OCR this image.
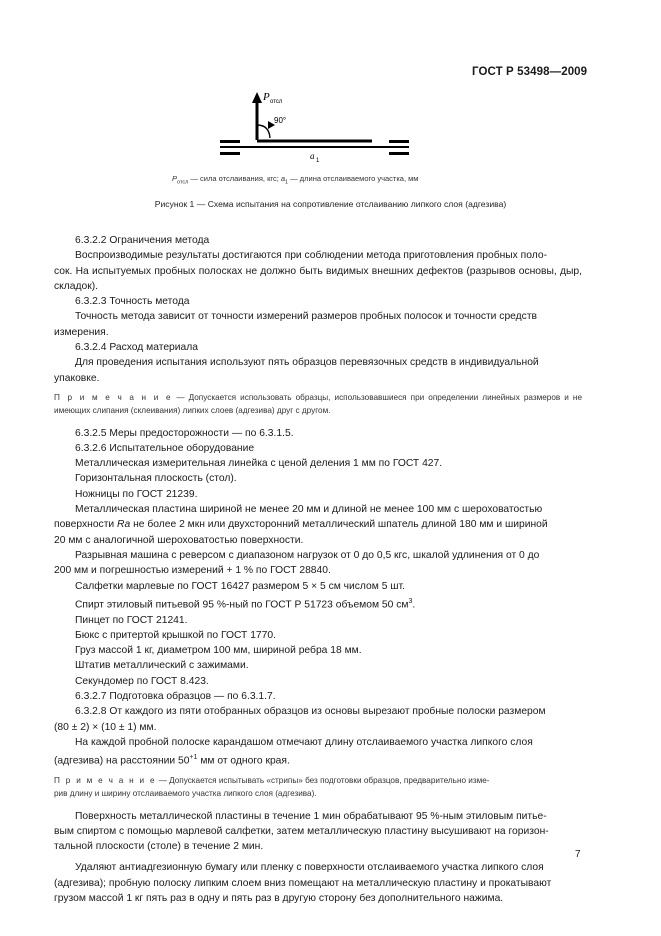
ГОСТ Р 53498—2009
P отсл
90°
a 1
$P_{отсл}$ — сила отслаивания, кгс; $a_1$ — длина отслаиваемого участка, мм
Рисунок 1 — Схема испытания на сопротивление отслаиванию липкого слоя (адгезива)

6.3.2.2 Ограничения метода

Воспроизводимые результаты достигаются при соблюдении метода приготовления пробных поло-

сок. На испытуемых пробных полосках не должно быть видимых внешних дефектов (разрывов основы, дыр, складок).

6.3.2.3 Точность метода

Точность метода зависит от точности измерений размеров пробных полосок и точности средств

измерения.

6.3.2.4 Расход материала

Для проведения испытания используют пять образцов перевязочных средств в индивидуальной

упаковке.

П р и м е ч а н и е — Допускается использовать образцы, использовавшиеся при определении линейных размеров и не имеющих слипания (склеивания) липких слоев (адгезива) друг с другом.

6.3.2.5 Меры предосторожности — по 6.3.1.5.

6.3.2.6 Испытательное оборудование

Металлическая измерительная линейка с ценой деления 1 мм по ГОСТ 427.

Горизонтальная плоскость (стол).

Ножницы по ГОСТ 21239.

Металлическая пластина шириной не менее 20 мм и длиной не менее 100 мм с шероховатостью

поверхности Ra не более 2 мкн или двухсторонний металлический шпатель длиной 180 мм и шириной

20 мм с аналогичной шероховатостью поверхности.

Разрывная машина с реверсом с диапазоном нагрузок от 0 до 0,5 кгс, шкалой удлинения от 0 до

200 мм и погрешностью измерений + 1 % по ГОСТ 28840.

Салфетки марлевые по ГОСТ 16427 размером 5 × 5 см числом 5 шт.

Спирт этиловый питьевой 95 %-ный по ГОСТ Р 51723 объемом 50 $см^3$.

Пинцет по ГОСТ 21241.

Бюкс с притертой крышкой по ГОСТ 1770.

Груз массой 1 кг, диаметром 100 мм, шириной ребра 18 мм.

Штатив металлический с зажимами.

Секундомер по ГОСТ 8.423.

6.3.2.7 Подготовка образцов — по 6.3.1.7.

6.3.2.8 От каждого из пяти отобранных образцов из основы вырезают пробные полоски размером

(80 ± 2) × (10 ± 1) мм.

На каждой пробной полоске карандашом отмечают длину отслаиваемого участка липкого слоя

(адгезива) на расстоянии $50^{+1}$ мм от одного края.

П р и м е ч а н и е — Допускается испытывать «стрипы» без подготовки образцов, предварительно изме-
рив длину и ширину отслаиваемого участка липкого слоя (адгезива).

Поверхность металлической пластины в течение 1 мин обрабатывают 95 %-ным этиловым питье-

вым спиртом с помощью марлевой салфетки, затем металлическую пластину высушивают на горизон-

тальной плоскости (столе) в течение 2 мин.

Удаляют антиадгезионную бумагу или пленку с поверхности отслаиваемого участка липкого слоя

(адгезива); пробную полоску липким слоем вниз помещают на металлическую пластину и прокатывают

грузом массой 1 кг пять раз в одну и пять раз в другую сторону без дополнительного нажима.

7
